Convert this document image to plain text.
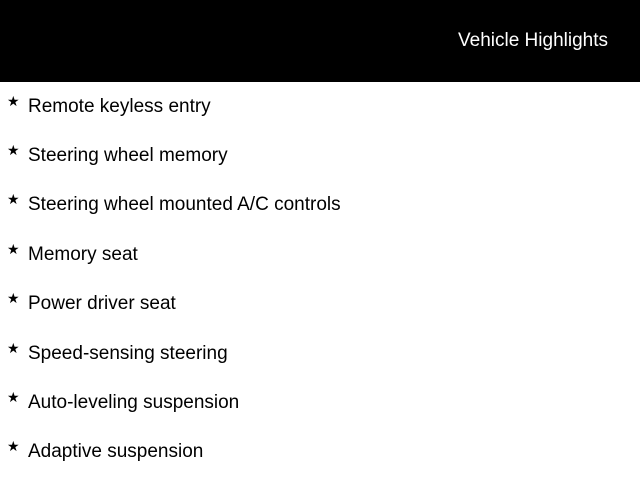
Vehicle Highlights
★ Remote keyless entry
★ Steering wheel memory
★ Steering wheel mounted A/C controls
★ Memory seat
★ Power driver seat
★ Speed-sensing steering
★ Auto-leveling suspension
★ Adaptive suspension
